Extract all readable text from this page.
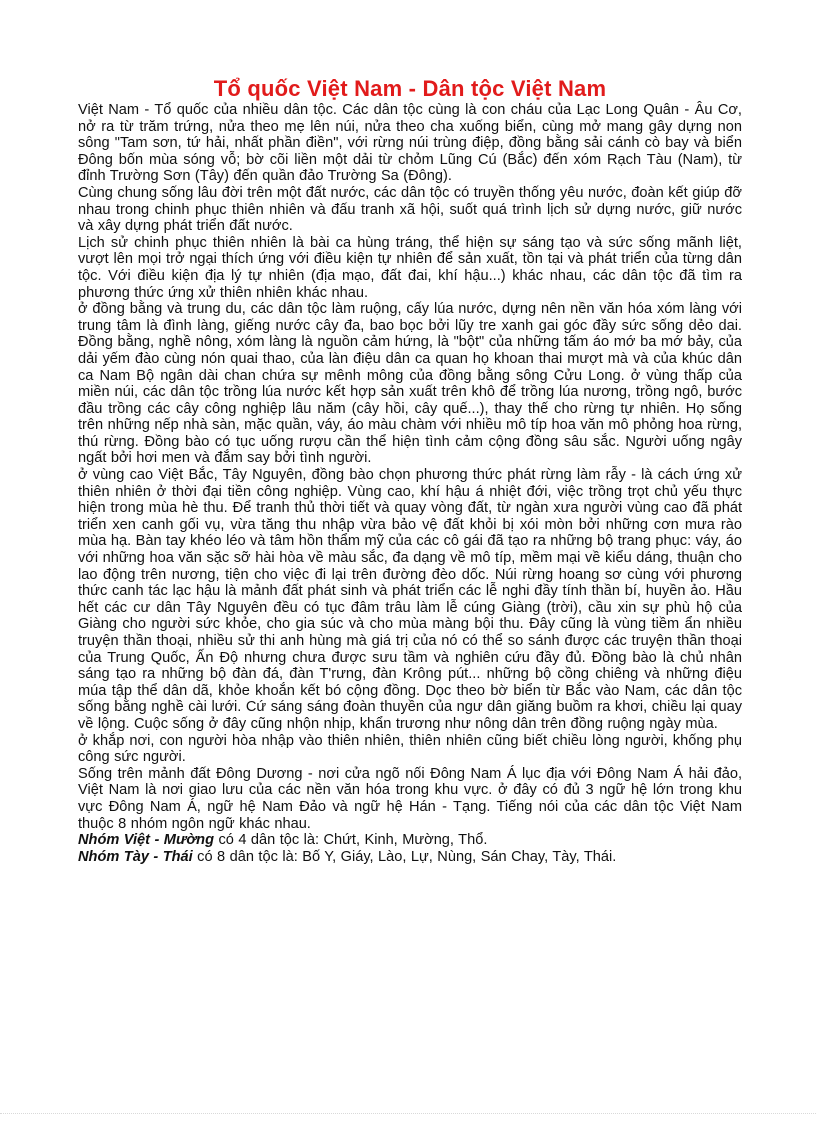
Tổ quốc Việt Nam - Dân tộc Việt Nam

Việt Nam - Tổ quốc của nhiều dân tộc. Các dân tộc cùng là con cháu của Lạc Long Quân - Âu Cơ, nở ra từ trăm trứng, nửa theo mẹ lên núi, nửa theo cha xuống biển, cùng mở mang gây dựng non sông "Tam sơn, tứ hải, nhất phần điền", với rừng núi trùng điệp, đồng bằng sải cánh cò bay và biển Đông bốn mùa sóng vỗ; bờ cõi liền một dải từ chỏm Lũng Cú (Bắc) đến xóm Rạch Tàu (Nam), từ đỉnh Trường Sơn (Tây) đến quần đảo Trường Sa (Đông).

Cùng chung sống lâu đời trên một đất nước, các dân tộc có truyền thống yêu nước, đoàn kết giúp đỡ nhau trong chinh phục thiên nhiên và đấu tranh xã hội, suốt quá trình lịch sử dựng nước, giữ nước và xây dựng phát triển đất nước.

Lịch sử chinh phục thiên nhiên là bài ca hùng tráng, thể hiện sự sáng tạo và sức sống mãnh liệt, vượt lên mọi trở ngại thích ứng với điều kiện tự nhiên để sản xuất, tồn tại và phát triển của từng dân tộc. Với điều kiện địa lý tự nhiên (địa mạo, đất đai, khí hậu...) khác nhau, các dân tộc đã tìm ra phương thức ứng xử thiên nhiên khác nhau.

ở đồng bằng và trung du, các dân tộc làm ruộng, cấy lúa nước, dựng nên nền văn hóa xóm làng với trung tâm là đình làng, giếng nước cây đa, bao bọc bởi lũy tre xanh gai góc đầy sức sống dẻo dai. Đồng bằng, nghề nông, xóm làng là nguồn cảm hứng, là "bột" của những tấm áo mớ ba mớ bảy, của dải yếm đào cùng nón quai thao, của làn điệu dân ca quan họ khoan thai mượt mà và của khúc dân ca Nam Bộ ngân dài chan chứa sự mênh mông của đồng bằng sông Cửu Long. ở vùng thấp của miền núi, các dân tộc trồng lúa nước kết hợp sản xuất trên khô để trồng lúa nương, trồng ngô, bước đầu trồng các cây công nghiệp lâu năm (cây hồi, cây quế...), thay thế cho rừng tự nhiên. Họ sống trên những nếp nhà sàn, mặc quần, váy, áo màu chàm với nhiều mô típ hoa văn mô phỏng hoa rừng, thú rừng. Đồng bào có tục uống rượu cần thể hiện tình cảm cộng đồng sâu sắc. Người uống ngây ngất bởi hơi men và đắm say bởi tình người.

ở vùng cao Việt Bắc, Tây Nguyên, đồng bào chọn phương thức phát rừng làm rẫy - là cách ứng xử thiên nhiên ở thời đại tiền công nghiệp. Vùng cao, khí hậu á nhiệt đới, việc trồng trọt chủ yếu thực hiện trong mùa hè thu. Để tranh thủ thời tiết và quay vòng đất, từ ngàn xưa người vùng cao đã phát triển xen canh gối vụ, vừa tăng thu nhập vừa bảo vệ đất khỏi bị xói mòn bởi những cơn mưa rào mùa hạ. Bàn tay khéo léo và tâm hồn thẩm mỹ của các cô gái đã tạo ra những bộ trang phục: váy, áo với những hoa văn sặc sỡ hài hòa về màu sắc, đa dạng về mô típ, mềm mại về kiểu dáng, thuận cho lao động trên nương, tiện cho việc đi lại trên đường đèo dốc. Núi rừng hoang sơ cùng với phương thức canh tác lạc hậu là mảnh đất phát sinh và phát triển các lễ nghi đầy tính thần bí, huyền ảo. Hầu hết các cư dân Tây Nguyên đều có tục đâm trâu làm lễ cúng Giàng (trời), cầu xin sự phù hộ của Giàng cho người sức khỏe, cho gia súc và cho mùa màng bội thu. Đây cũng là vùng tiềm ẩn nhiều truyện thần thoại, nhiều sử thi anh hùng mà giá trị của nó có thể so sánh được các truyện thần thoại của Trung Quốc, Ấn Độ nhưng chưa được sưu tầm và nghiên cứu đầy đủ. Đồng bào là chủ nhân sáng tạo ra những bộ đàn đá, đàn T'rưng, đàn Krông pút... những bộ cồng chiêng và những điệu múa tập thể dân dã, khỏe khoắn kết bó cộng đồng. Dọc theo bờ biển từ Bắc vào Nam, các dân tộc sống bằng nghề cài lưới. Cứ sáng sáng đoàn thuyền của ngư dân giăng buồm ra khơi, chiều lại quay về lộng. Cuộc sống ở đây cũng nhộn nhịp, khẩn trương như nông dân trên đồng ruộng ngày mùa.

ở khắp nơi, con người hòa nhập vào thiên nhiên, thiên nhiên cũng biết chiều lòng người, khống phụ công sức người.

Sống trên mảnh đất Đông Dương - nơi cửa ngõ nối Đông Nam Á lục địa với Đông Nam Á hải đảo, Việt Nam là nơi giao lưu của các nền văn hóa trong khu vực. ở đây có đủ 3 ngữ hệ lớn trong khu vực Đông Nam Á, ngữ hệ Nam Đảo và ngữ hệ Hán - Tạng. Tiếng nói của các dân tộc Việt Nam thuộc 8 nhóm ngôn ngữ khác nhau.

Nhóm Việt - Mường có 4 dân tộc là: Chứt, Kinh, Mường, Thổ.

Nhóm Tày - Thái có 8 dân tộc là: Bố Y, Giáy, Lào, Lự, Nùng, Sán Chay, Tày, Thái.
